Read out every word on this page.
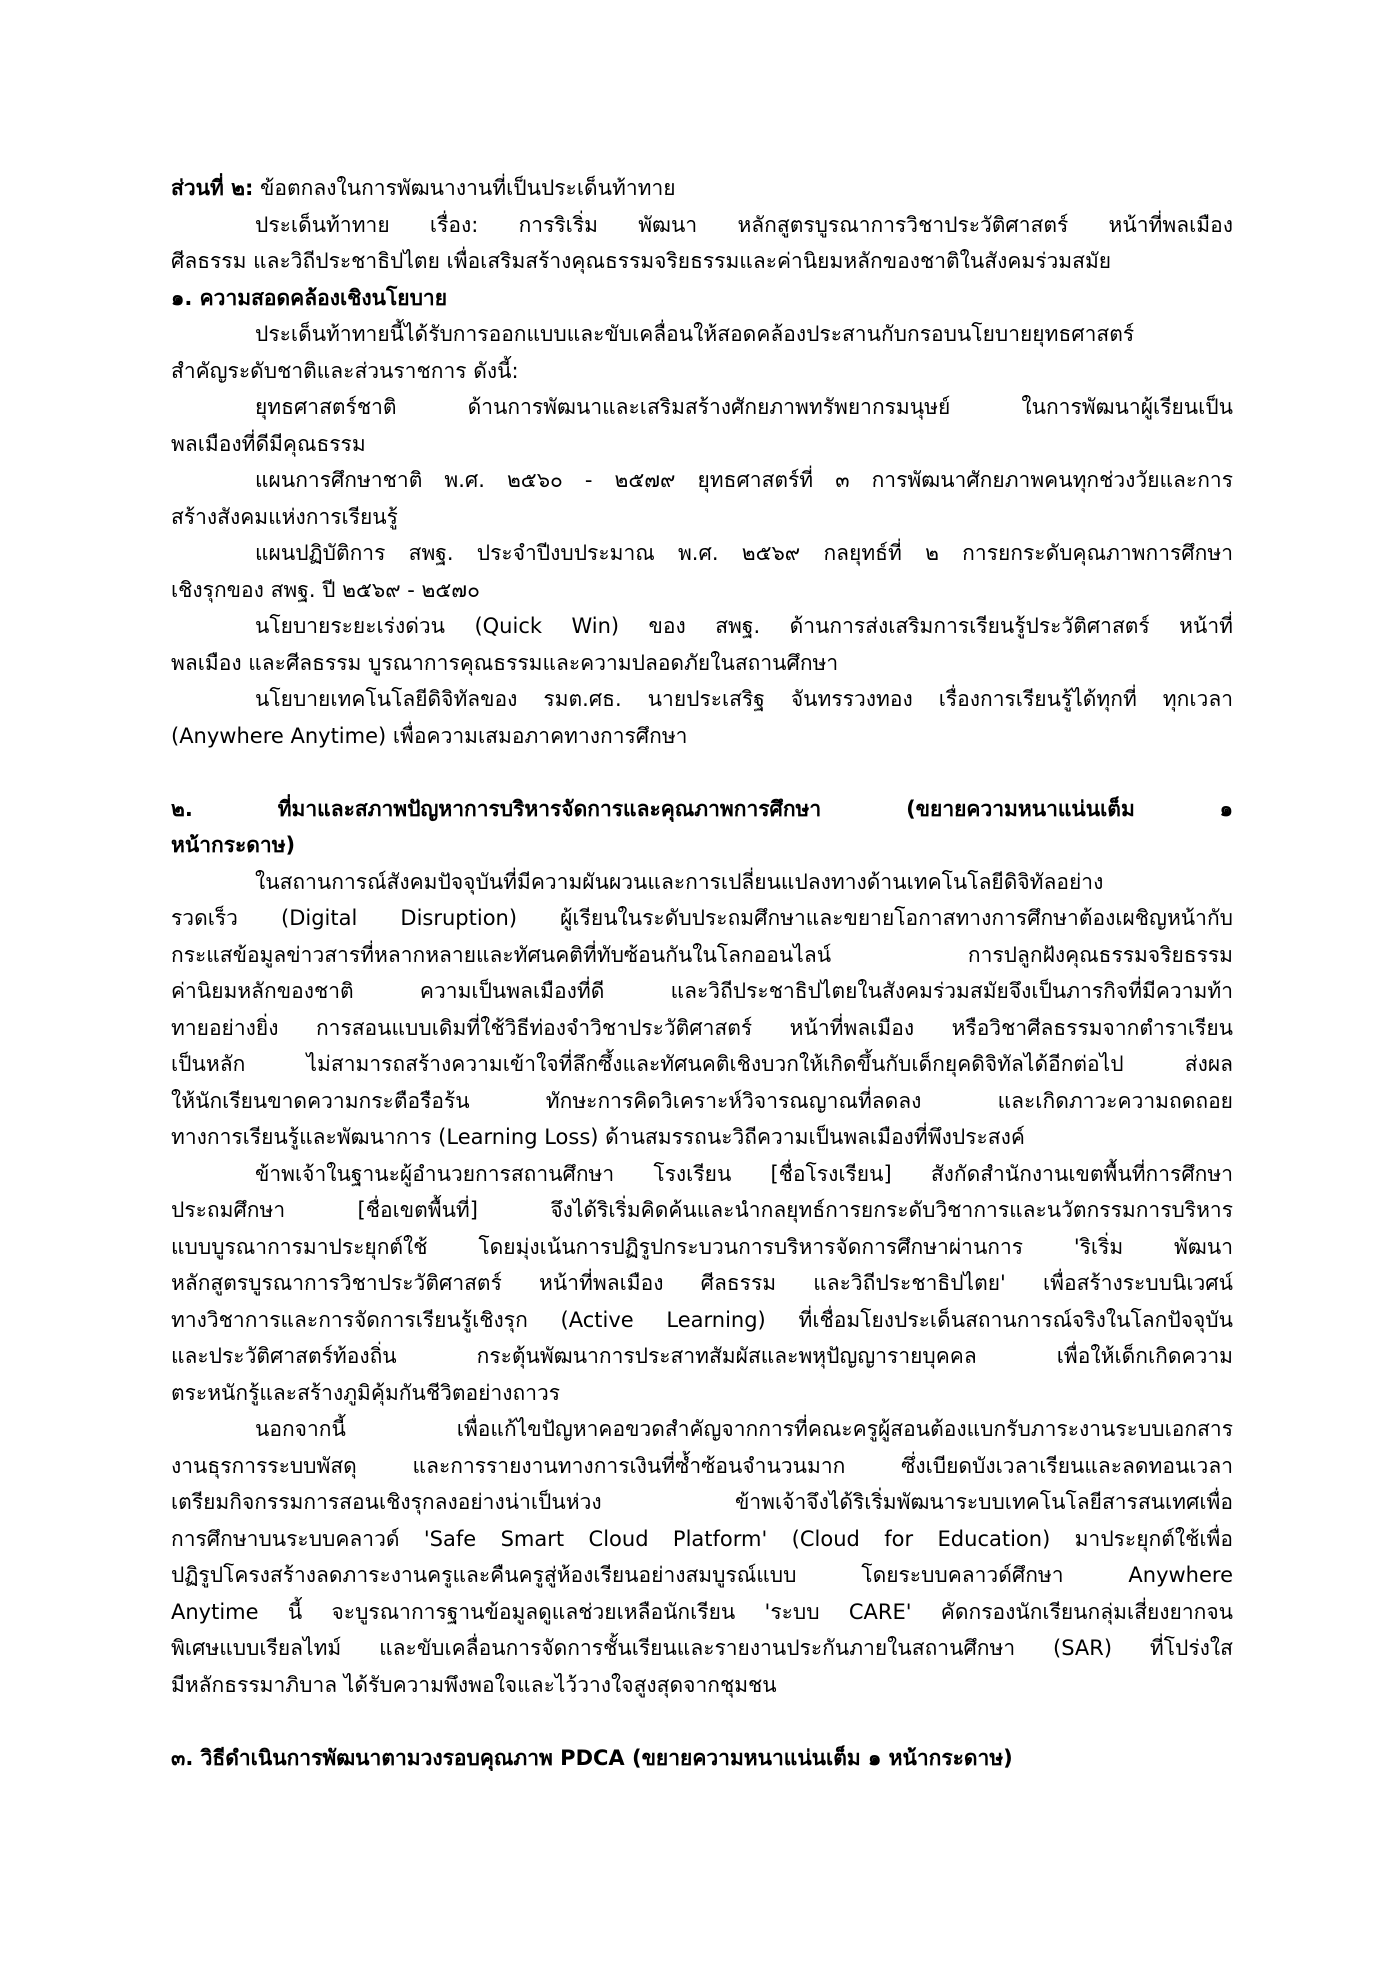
ส่วนที่ ๒: ข้อตกลงในการพัฒนางานที่เป็นประเด็นท้าทาย
ประเด็นท้าทาย เรื่อง: การริเริ่ม พัฒนา หลักสูตรบูรณาการวิชาประวัติศาสตร์ หน้าที่พลเมือง
ศีลธรรม และวิถีประชาธิปไตย เพื่อเสริมสร้างคุณธรรมจริยธรรมและค่านิยมหลักของชาติในสังคมร่วมสมัย
๑. ความสอดคล้องเชิงนโยบาย
ประเด็นท้าทายนี้ได้รับการออกแบบและขับเคลื่อนให้สอดคล้องประสานกับกรอบนโยบายยุทธศาสตร์
สำคัญระดับชาติและส่วนราชการ ดังนี้:
ยุทธศาสตร์ชาติ ด้านการพัฒนาและเสริมสร้างศักยภาพทรัพยากรมนุษย์ ในการพัฒนาผู้เรียนเป็น
พลเมืองที่ดีมีคุณธรรม
แผนการศึกษาชาติ พ.ศ. ๒๕๖๐ - ๒๕๗๙ ยุทธศาสตร์ที่ ๓ การพัฒนาศักยภาพคนทุกช่วงวัยและการ
สร้างสังคมแห่งการเรียนรู้
แผนปฏิบัติการ สพฐ. ประจำปีงบประมาณ พ.ศ. ๒๕๖๙ กลยุทธ์ที่ ๒ การยกระดับคุณภาพการศึกษา
เชิงรุกของ สพฐ. ปี ๒๕๖๙ - ๒๕๗๐
นโยบายระยะเร่งด่วน (Quick Win) ของ สพฐ. ด้านการส่งเสริมการเรียนรู้ประวัติศาสตร์ หน้าที่
พลเมือง และศีลธรรม บูรณาการคุณธรรมและความปลอดภัยในสถานศึกษา
นโยบายเทคโนโลยีดิจิทัลของ รมต.ศธ. นายประเสริฐ จันทรรวงทอง เรื่องการเรียนรู้ได้ทุกที่ ทุกเวลา
(Anywhere Anytime) เพื่อความเสมอภาคทางการศึกษา
๒. ที่มาและสภาพปัญหาการบริหารจัดการและคุณภาพการศึกษา (ขยายความหนาแน่นเต็ม ๑
หน้ากระดาษ)
ในสถานการณ์สังคมปัจจุบันที่มีความผันผวนและการเปลี่ยนแปลงทางด้านเทคโนโลยีดิจิทัลอย่าง
รวดเร็ว (Digital Disruption) ผู้เรียนในระดับประถมศึกษาและขยายโอกาสทางการศึกษาต้องเผชิญหน้ากับ
กระแสข้อมูลข่าวสารที่หลากหลายและทัศนคติที่ทับซ้อนกันในโลกออนไลน์ การปลูกฝังคุณธรรมจริยธรรม
ค่านิยมหลักของชาติ ความเป็นพลเมืองที่ดี และวิถีประชาธิปไตยในสังคมร่วมสมัยจึงเป็นภารกิจที่มีความท้า
ทายอย่างยิ่ง การสอนแบบเดิมที่ใช้วิธีท่องจำวิชาประวัติศาสตร์ หน้าที่พลเมือง หรือวิชาศีลธรรมจากตำราเรียน
เป็นหลัก ไม่สามารถสร้างความเข้าใจที่ลึกซึ้งและทัศนคติเชิงบวกให้เกิดขึ้นกับเด็กยุคดิจิทัลได้อีกต่อไป ส่งผล
ให้นักเรียนขาดความกระตือรือร้น ทักษะการคิดวิเคราะห์วิจารณญาณที่ลดลง และเกิดภาวะความถดถอย
ทางการเรียนรู้และพัฒนาการ (Learning Loss) ด้านสมรรถนะวิถีความเป็นพลเมืองที่พึงประสงค์
ข้าพเจ้าในฐานะผู้อำนวยการสถานศึกษา โรงเรียน [ชื่อโรงเรียน] สังกัดสำนักงานเขตพื้นที่การศึกษา
ประถมศึกษา [ชื่อเขตพื้นที่] จึงได้ริเริ่มคิดค้นและนำกลยุทธ์การยกระดับวิชาการและนวัตกรรมการบริหาร
แบบบูรณาการมาประยุกต์ใช้ โดยมุ่งเน้นการปฏิรูปกระบวนการบริหารจัดการศึกษาผ่านการ 'ริเริ่ม พัฒนา
หลักสูตรบูรณาการวิชาประวัติศาสตร์ หน้าที่พลเมือง ศีลธรรม และวิถีประชาธิปไตย' เพื่อสร้างระบบนิเวศน์
ทางวิชาการและการจัดการเรียนรู้เชิงรุก (Active Learning) ที่เชื่อมโยงประเด็นสถานการณ์จริงในโลกปัจจุบัน
และประวัติศาสตร์ท้องถิ่น กระตุ้นพัฒนาการประสาทสัมผัสและพหุปัญญารายบุคคล เพื่อให้เด็กเกิดความ
ตระหนักรู้และสร้างภูมิคุ้มกันชีวิตอย่างถาวร
นอกจากนี้ เพื่อแก้ไขปัญหาคอขวดสำคัญจากการที่คณะครูผู้สอนต้องแบกรับภาระงานระบบเอกสาร
งานธุรการระบบพัสดุ และการรายงานทางการเงินที่ซ้ำซ้อนจำนวนมาก ซึ่งเบียดบังเวลาเรียนและลดทอนเวลา
เตรียมกิจกรรมการสอนเชิงรุกลงอย่างน่าเป็นห่วง ข้าพเจ้าจึงได้ริเริ่มพัฒนาระบบเทคโนโลยีสารสนเทศเพื่อ
การศึกษาบนระบบคลาวด์ 'Safe Smart Cloud Platform' (Cloud for Education) มาประยุกต์ใช้เพื่อ
ปฏิรูปโครงสร้างลดภาระงานครูและคืนครูสู่ห้องเรียนอย่างสมบูรณ์แบบ โดยระบบคลาวด์ศึกษา Anywhere
Anytime นี้ จะบูรณาการฐานข้อมูลดูแลช่วยเหลือนักเรียน 'ระบบ CARE' คัดกรองนักเรียนกลุ่มเสี่ยงยากจน
พิเศษแบบเรียลไทม์ และขับเคลื่อนการจัดการชั้นเรียนและรายงานประกันภายในสถานศึกษา (SAR) ที่โปร่งใส
มีหลักธรรมาภิบาล ได้รับความพึงพอใจและไว้วางใจสูงสุดจากชุมชน
๓. วิธีดำเนินการพัฒนาตามวงรอบคุณภาพ PDCA (ขยายความหนาแน่นเต็ม ๑ หน้ากระดาษ)
